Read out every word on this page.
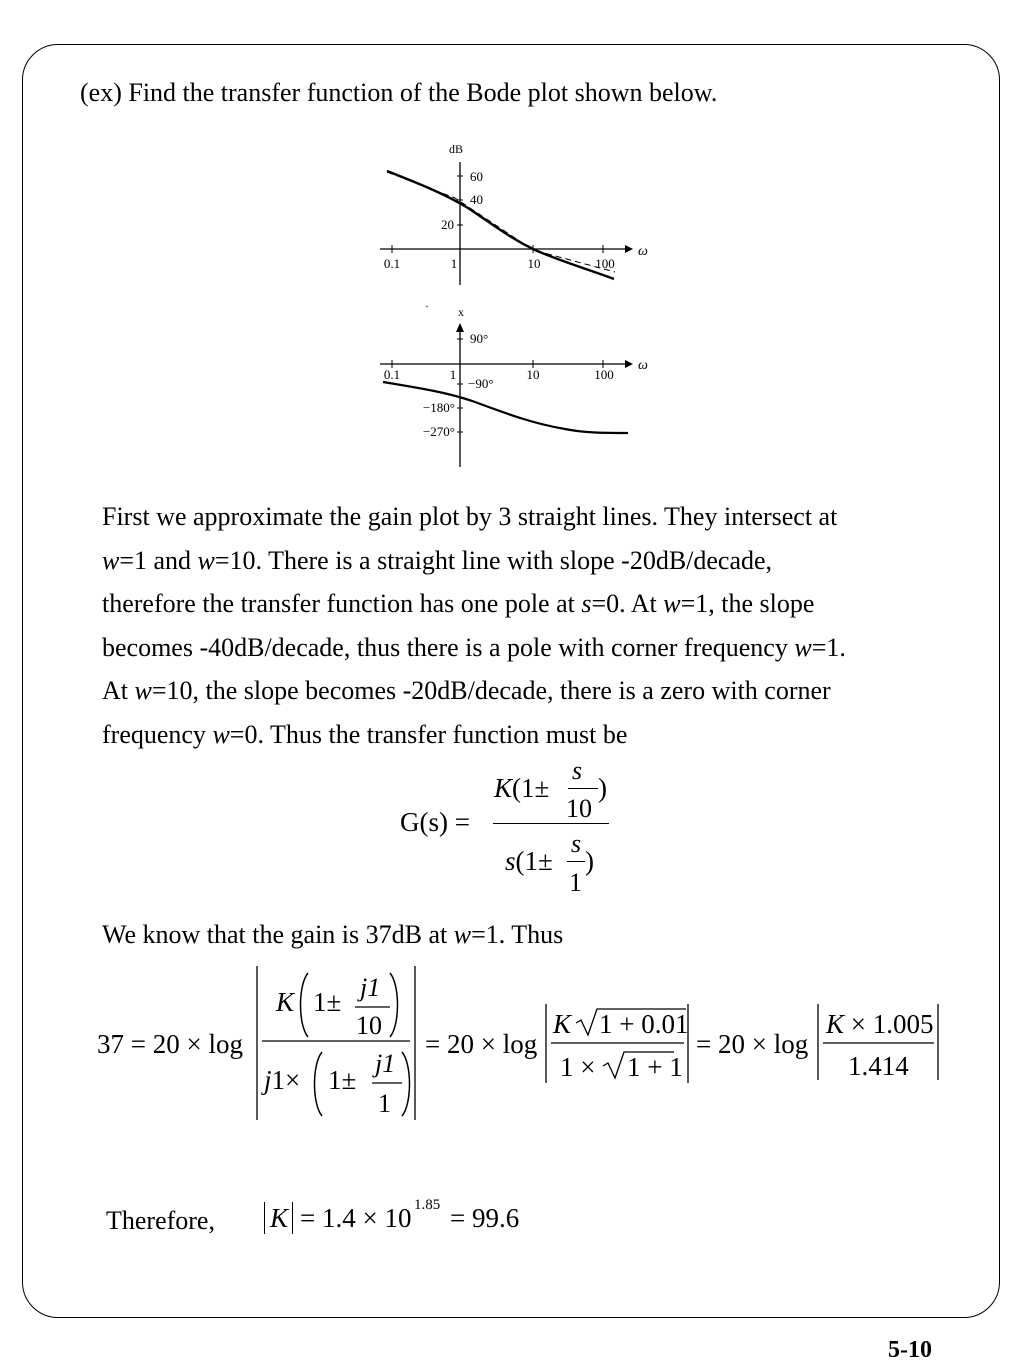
(ex) Find the transfer function of the Bode plot shown below.
dB
60
40
20
0.1	1	10	100
ω
` x
90°
−90°
−180°
−270°
0.1	1	10	100
ω
First we approximate the gain plot by 3 straight lines. They intersect at
w=1 and w=10. There is a straight line with slope -20dB/decade,
therefore the transfer function has one pole at s=0. At w=1, the slope
becomes -40dB/decade, thus there is a pole with corner frequency w=1.
At w=10, the slope becomes -20dB/decade, there is a zero with corner
frequency w=0. Thus the transfer function must be
G(s) =
K(1±
s
10
)
s(1±
s
1
)
We know that the gain is 37dB at w=1. Thus
37 = 20 × log
K 1± j1
10
j1× 1±
j1
1
= 20 × log
K 1 + 0.01
1 × 1 + 1
= 20 × log
K × 1.005
1.414
Therefore, K = 1.4 × 10 1.85 = 99.6
5-10
